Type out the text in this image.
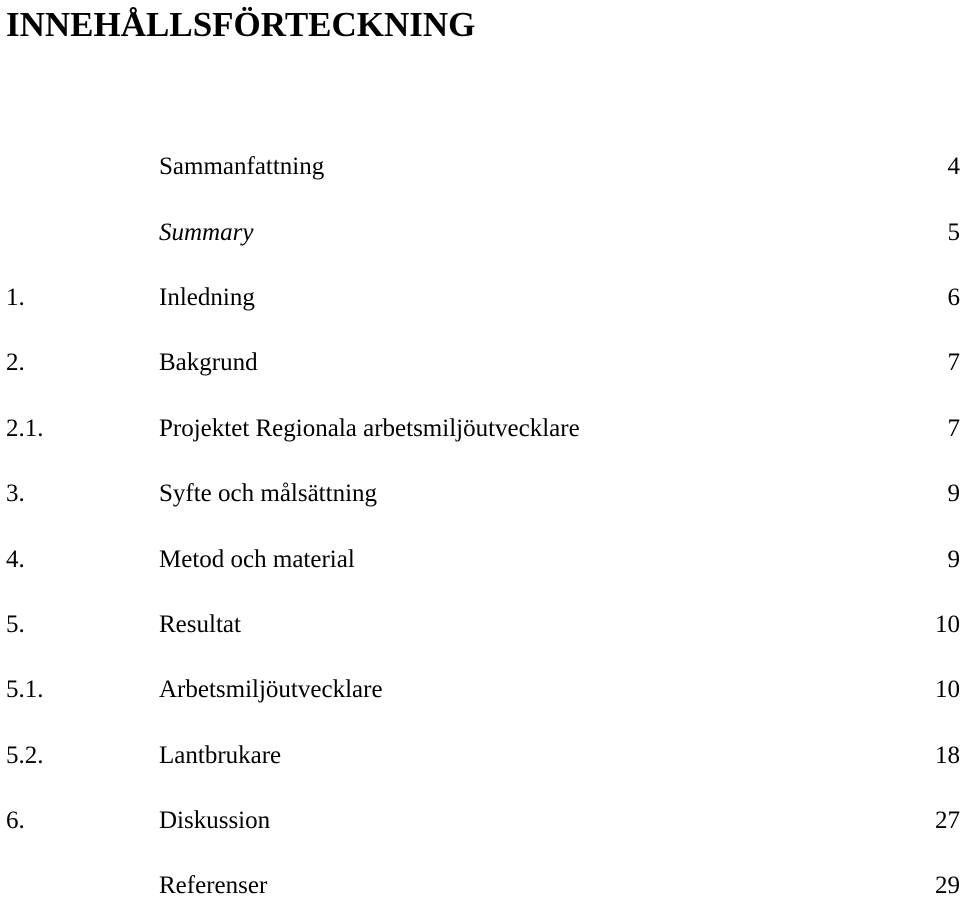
INNEHÅLLSFÖRTECKNING
Sammanfattning	4
Summary	5
1.	Inledning	6
2.	Bakgrund	7
2.1.	Projektet Regionala arbetsmiljöutvecklare	7
3.	Syfte och målsättning	9
4.	Metod och material	9
5.	Resultat	10
5.1.	Arbetsmiljöutvecklare	10
5.2.	Lantbrukare	18
6.	Diskussion	27
Referenser	29
